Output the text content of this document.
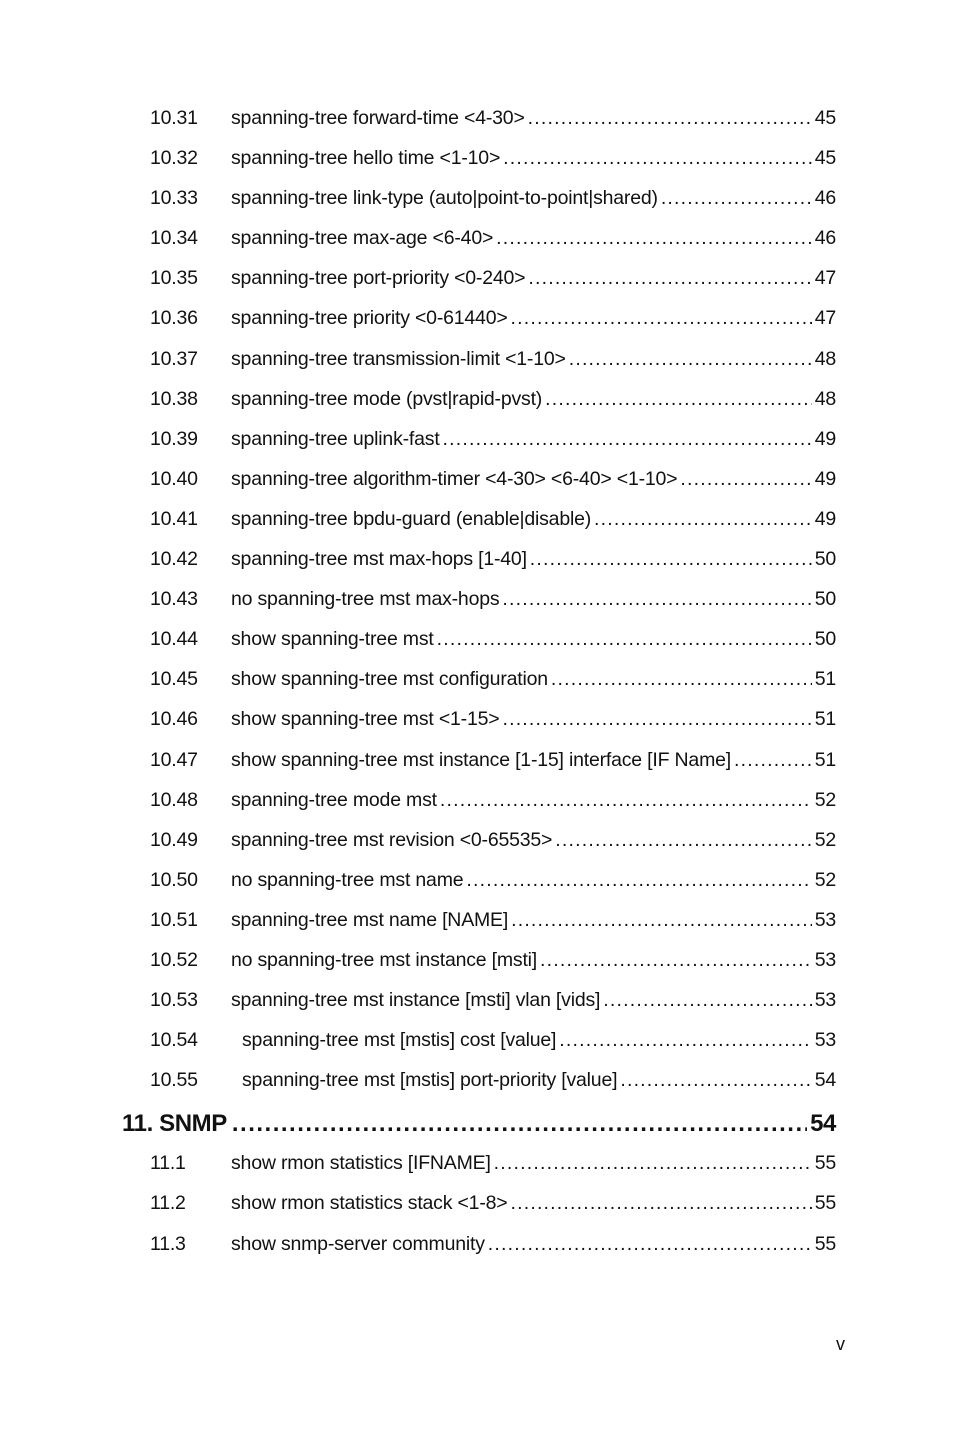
10.31	spanning-tree forward-time <4-30> .....	45
10.32	spanning-tree hello time <1-10> .....	45
10.33	spanning-tree link-type (auto|point-to-point|shared) .....	46
10.34	spanning-tree max-age <6-40> .....	46
10.35	spanning-tree port-priority <0-240> .....	47
10.36	spanning-tree priority <0-61440> .....	47
10.37	spanning-tree transmission-limit <1-10> .....	48
10.38	spanning-tree mode (pvst|rapid-pvst) .....	48
10.39	spanning-tree uplink-fast .....	49
10.40	spanning-tree algorithm-timer <4-30> <6-40> <1-10> .....	49
10.41	spanning-tree bpdu-guard (enable|disable) .....	49
10.42	spanning-tree mst max-hops [1-40] .....	50
10.43	no spanning-tree mst max-hops .....	50
10.44	show spanning-tree mst .....	50
10.45	show spanning-tree mst configuration .....	51
10.46	show spanning-tree mst <1-15> .....	51
10.47	show spanning-tree mst instance [1-15] interface [IF Name] .....	51
10.48	spanning-tree mode mst .....	52
10.49	spanning-tree mst revision <0-65535> .....	52
10.50	no spanning-tree mst name .....	52
10.51	spanning-tree mst name [NAME] .....	53
10.52	no spanning-tree mst instance [msti] .....	53
10.53	spanning-tree mst instance [msti] vlan [vids] .....	53
10.54	spanning-tree mst [mstis] cost [value] .....	53
10.55	spanning-tree mst [mstis] port-priority [value] .....	54
11. SNMP .....	54
11.1	show rmon statistics [IFNAME] .....	55
11.2	show rmon statistics stack <1-8> .....	55
11.3	show snmp-server community .....	55
v
